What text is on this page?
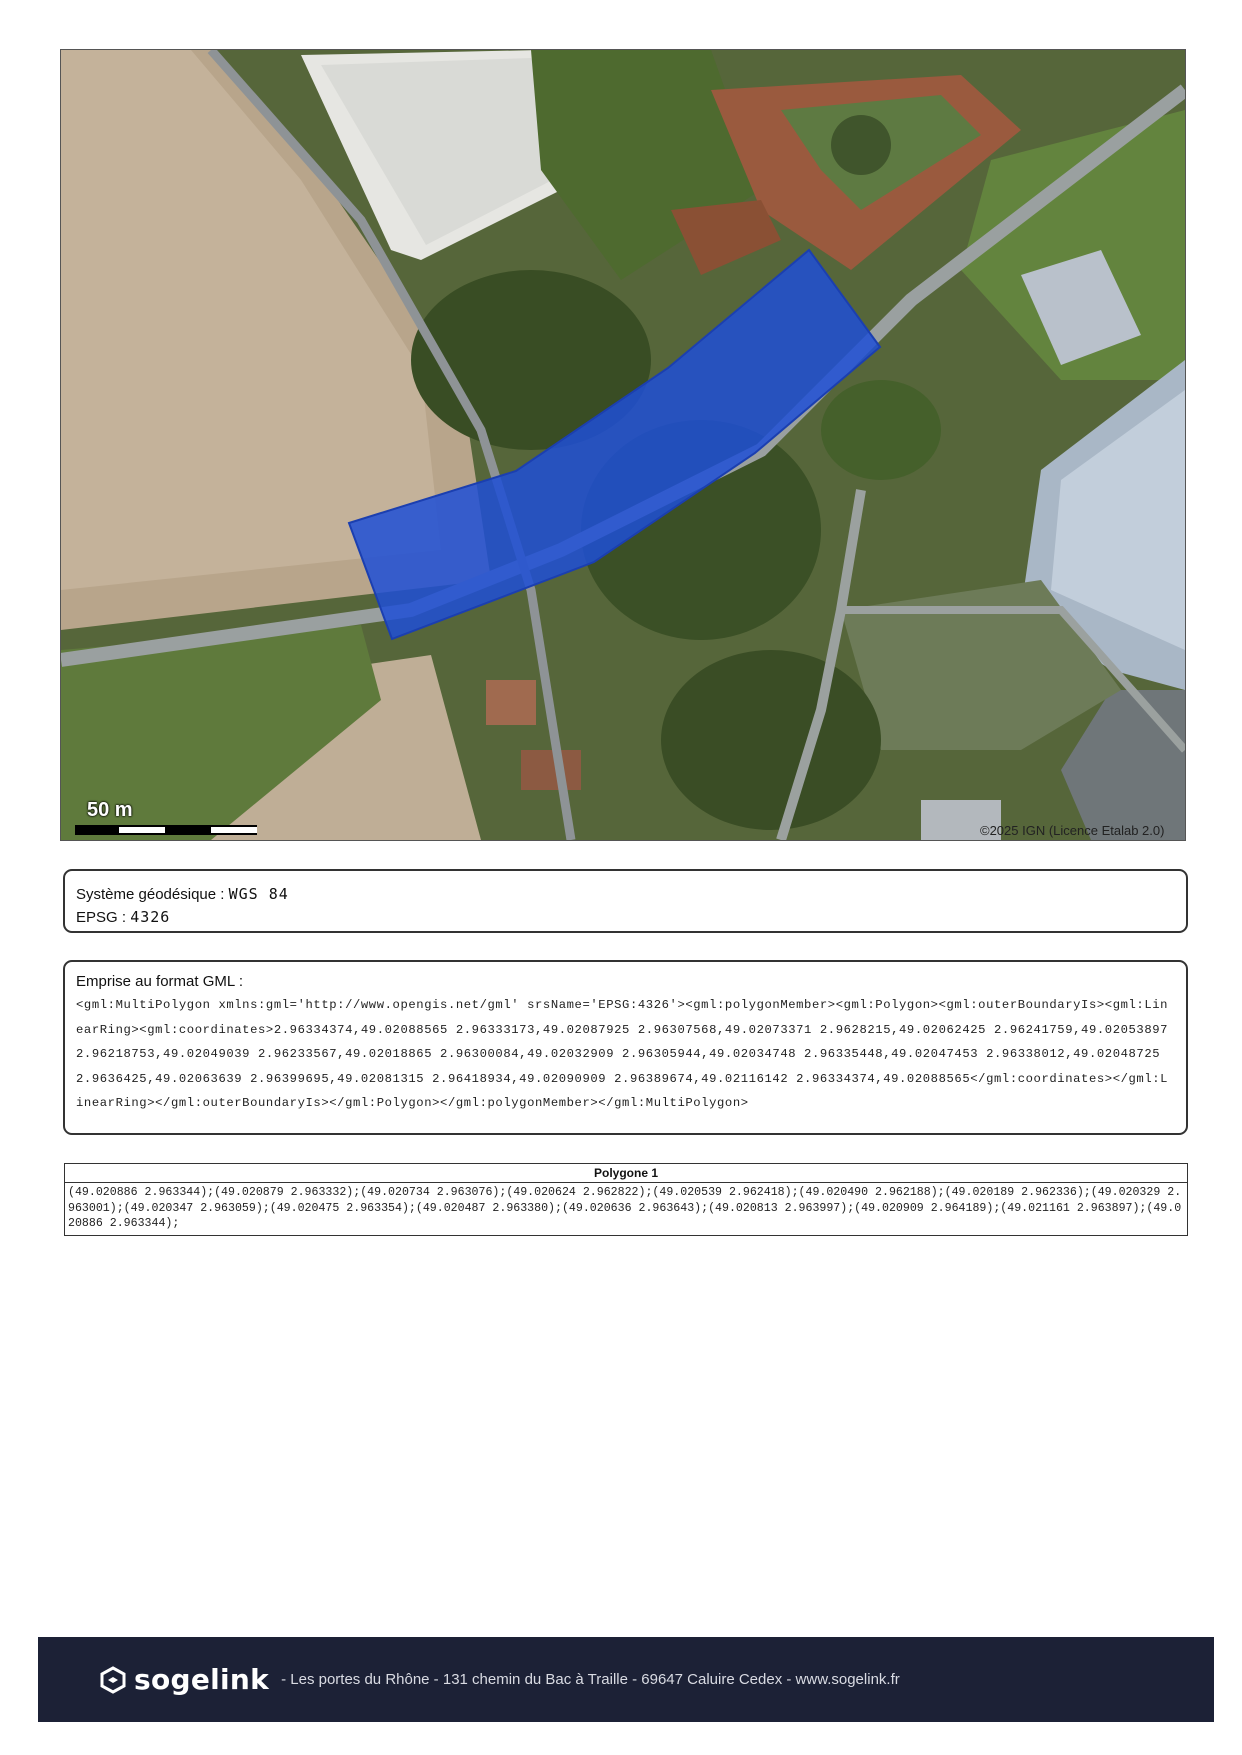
50 m
©2025 IGN (Licence Etalab 2.0)
Système géodésique : WGS 84
EPSG : 4326
Emprise au format GML :
<gml:MultiPolygon xmlns:gml='http://www.opengis.net/gml' srsName='EPSG:4326'><gml:polygonMember><gml:Polygon><gml:outerBoundaryIs><gml:LinearRing><gml:coordinates>2.96334374,49.02088565 2.96333173,49.02087925 2.96307568,49.02073371 2.9628215,49.02062425 2.96241759,49.02053897 2.96218753,49.02049039 2.96233567,49.02018865 2.96300084,49.02032909 2.96305944,49.02034748 2.96335448,49.02047453 2.96338012,49.02048725 2.9636425,49.02063639 2.96399695,49.02081315 2.96418934,49.02090909 2.96389674,49.02116142 2.96334374,49.02088565</gml:coordinates></gml:LinearRing></gml:outerBoundaryIs></gml:Polygon></gml:polygonMember></gml:MultiPolygon>
Polygone 1
(49.020886 2.963344);(49.020879 2.963332);(49.020734 2.963076);(49.020624 2.962822);(49.020539 2.962418);(49.020490 2.962188);(49.020189 2.962336);(49.020329 2.963001);(49.020347 2.963059);(49.020475 2.963354);(49.020487 2.963380);(49.020636 2.963643);(49.020813 2.963997);(49.020909 2.964189);(49.021161 2.963897);(49.020886 2.963344);
sogelink - Les portes du Rhône - 131 chemin du Bac à Traille - 69647 Caluire Cedex - www.sogelink.fr
